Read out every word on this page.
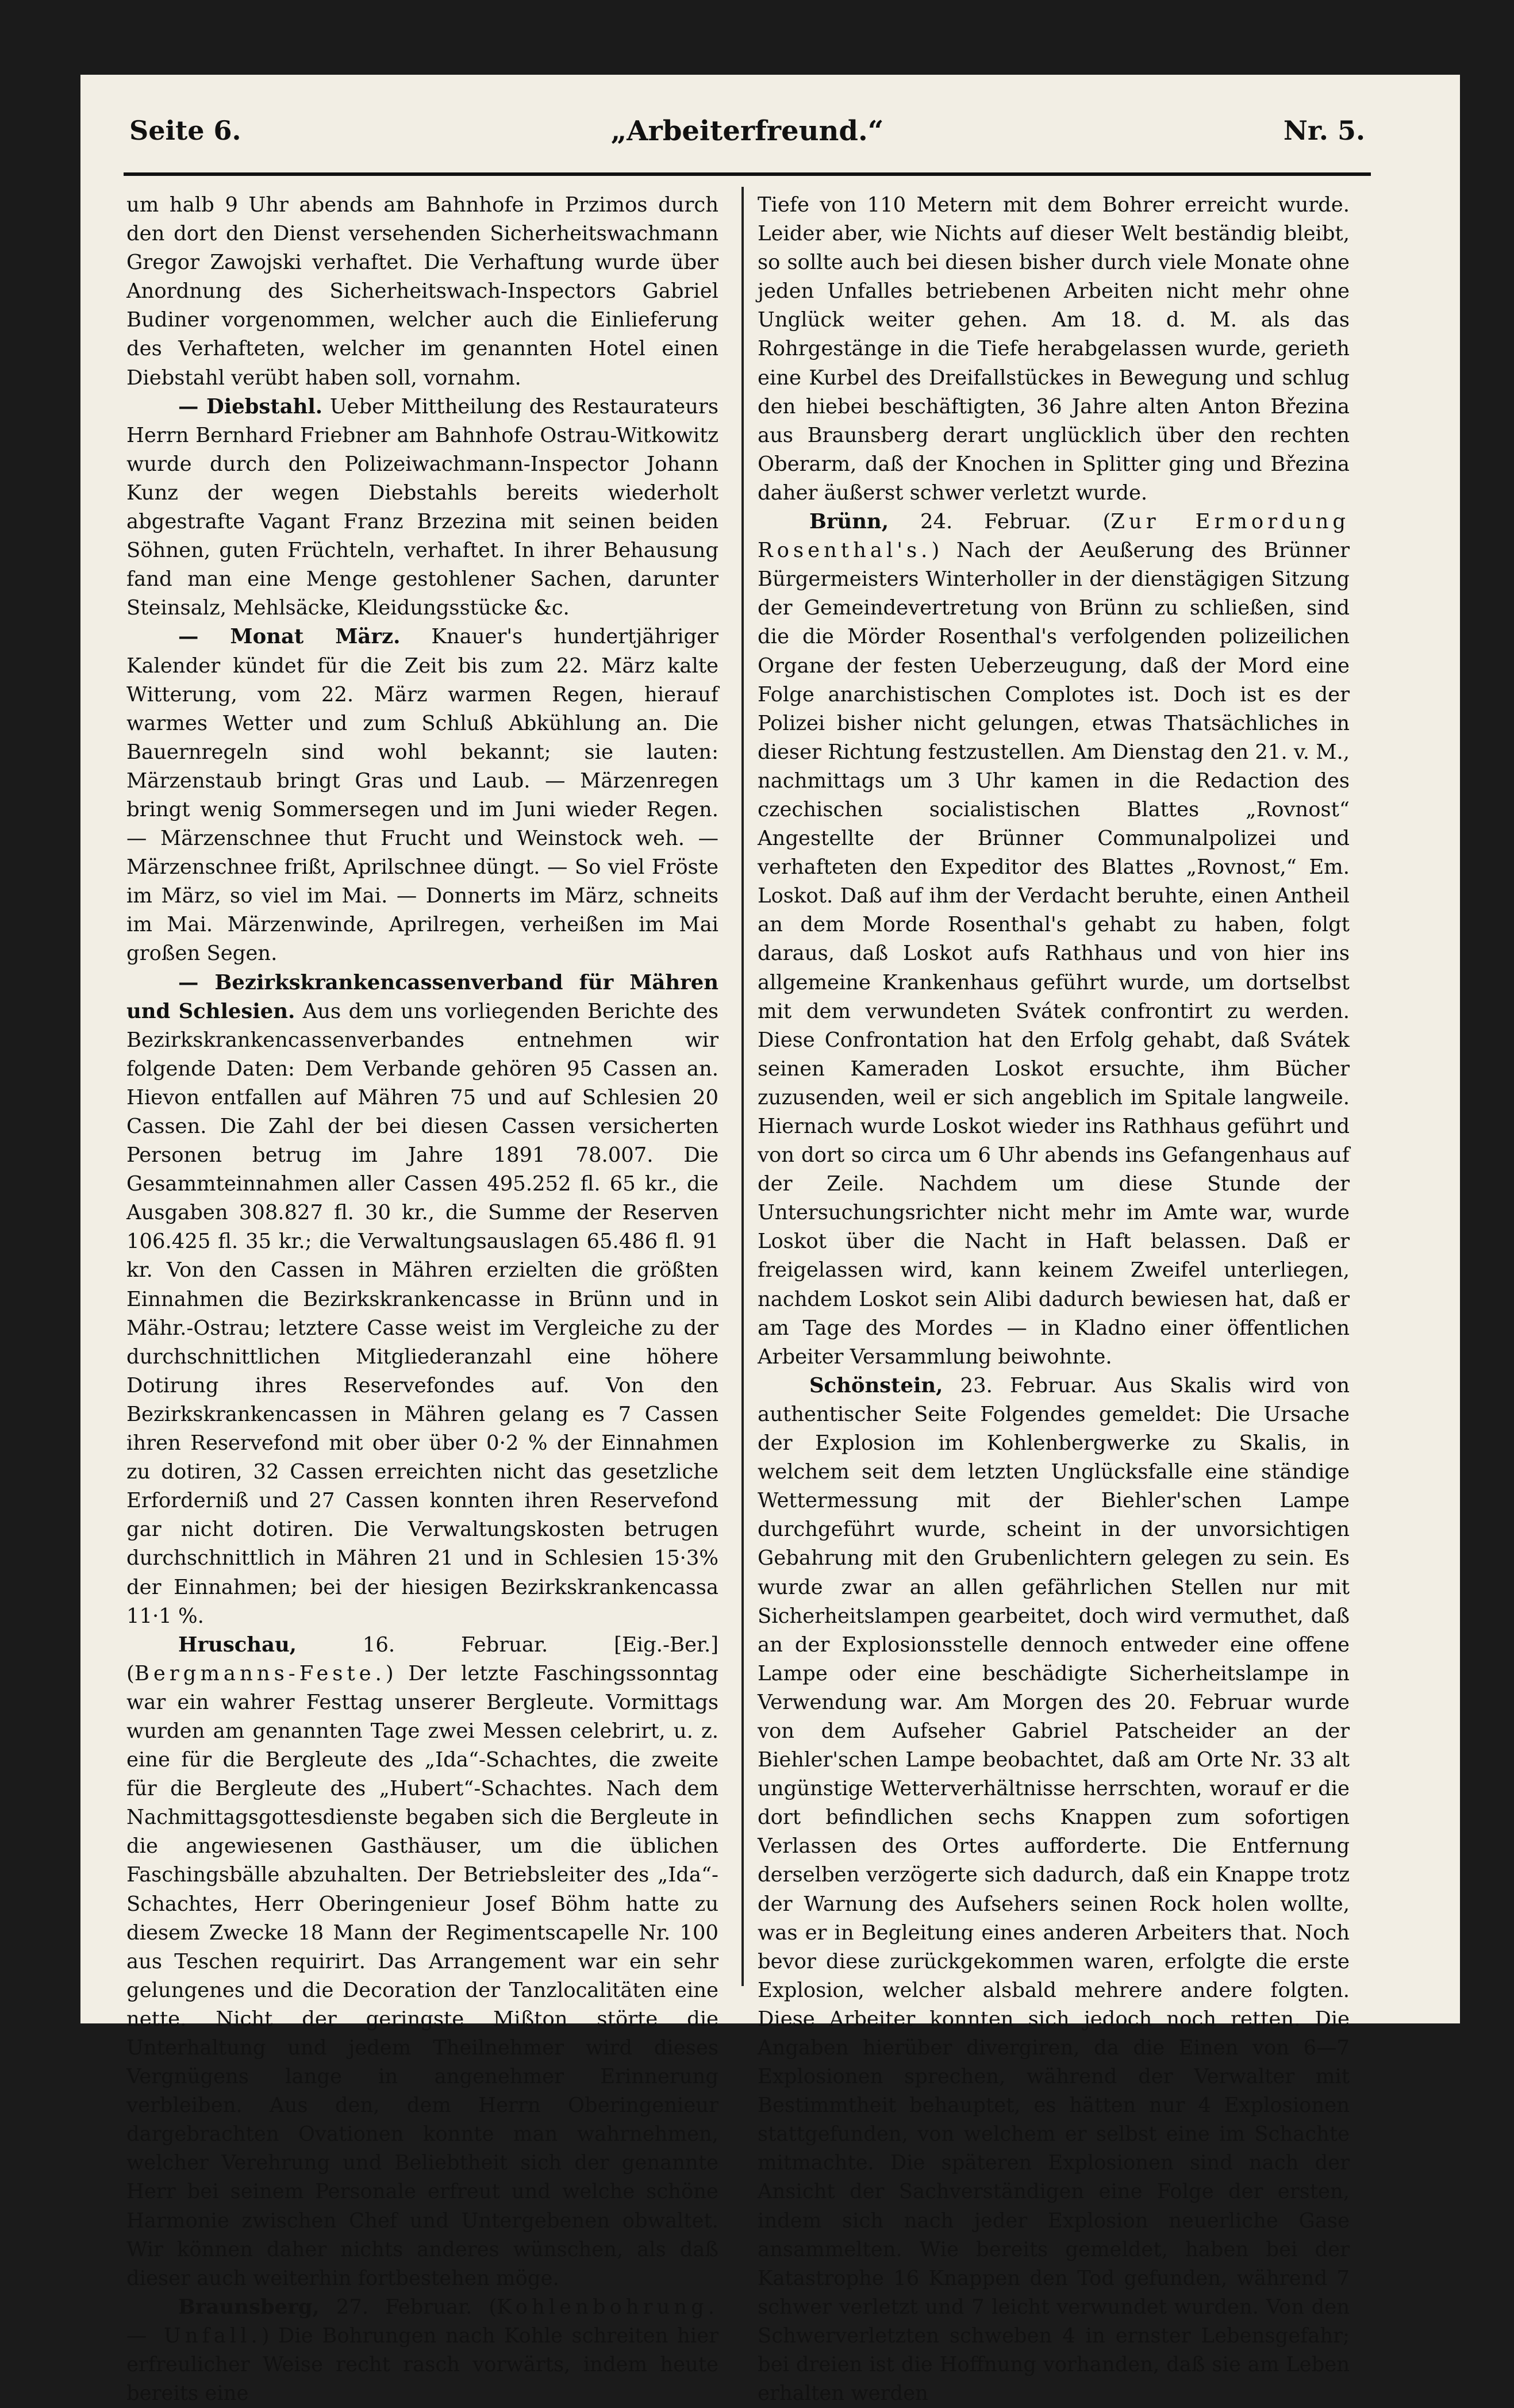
Seite 6.	„Arbeiterfreund.“	Nr. 5.

um halb 9 Uhr abends am Bahnhofe in Przimos durch den dort den Dienst versehenden Sicherheitswachmann Gregor Zawojski verhaftet. Die Verhaftung wurde über Anordnung des Sicherheitswach-Inspectors Gabriel Budiner vorgenommen, welcher auch die Einlieferung des Verhafteten, welcher im genannten Hotel einen Diebstahl verübt haben soll, vornahm.

— Diebstahl. Ueber Mittheilung des Restaurateurs Herrn Bernhard Friebner am Bahnhofe Ostrau-Witkowitz wurde durch den Polizeiwachmann-Inspector Johann Kunz der wegen Diebstahls bereits wiederholt abgestrafte Vagant Franz Brzezina mit seinen beiden Söhnen, guten Früchteln, verhaftet. In ihrer Behausung fand man eine Menge gestohlener Sachen, darunter Steinsalz, Mehlsäcke, Kleidungsstücke &c.

— Monat März. Knauer's hundertjähriger Kalender kündet für die Zeit bis zum 22. März kalte Witterung, vom 22. März warmen Regen, hierauf warmes Wetter und zum Schluß Abkühlung an. Die Bauernregeln sind wohl bekannt; sie lauten: Märzenstaub bringt Gras und Laub. — Märzenregen bringt wenig Sommersegen und im Juni wieder Regen. — Märzenschnee thut Frucht und Weinstock weh. — Märzenschnee frißt, Aprilschnee düngt. — So viel Fröste im März, so viel im Mai. — Donnerts im März, schneits im Mai. Märzenwinde, Aprilregen, verheißen im Mai großen Segen.

— Bezirkskrankencassenverband für Mähren und Schlesien. Aus dem uns vorliegenden Berichte des Bezirkskrankencassenverbandes entnehmen wir folgende Daten: Dem Verbande gehören 95 Cassen an. Hievon entfallen auf Mähren 75 und auf Schlesien 20 Cassen. Die Zahl der bei diesen Cassen versicherten Personen betrug im Jahre 1891 78.007. Die Gesammteinnahmen aller Cassen 495.252 fl. 65 kr., die Ausgaben 308.827 fl. 30 kr., die Summe der Reserven 106.425 fl. 35 kr.; die Verwaltungsauslagen 65.486 fl. 91 kr. Von den Cassen in Mähren erzielten die größten Einnahmen die Bezirkskrankencasse in Brünn und in Mähr.-Ostrau; letztere Casse weist im Vergleiche zu der durchschnittlichen Mitgliederanzahl eine höhere Dotirung ihres Reservefondes auf. Von den Bezirkskrankencassen in Mähren gelang es 7 Cassen ihren Reservefond mit ober über 0·2 % der Einnahmen zu dotiren, 32 Cassen erreichten nicht das gesetzliche Erforderniß und 27 Cassen konnten ihren Reservefond gar nicht dotiren. Die Verwaltungskosten betrugen durchschnittlich in Mähren 21 und in Schlesien 15·3% der Einnahmen; bei der hiesigen Bezirkskrankencassa 11·1 %.

Hruschau, 16. Februar. [Eig.-Ber.] (Bergmanns-Feste.) Der letzte Faschingssonntag war ein wahrer Festtag unserer Bergleute. Vormittags wurden am genannten Tage zwei Messen celebrirt, u. z. eine für die Bergleute des „Ida“-Schachtes, die zweite für die Bergleute des „Hubert“-Schachtes. Nach dem Nachmittagsgottesdienste begaben sich die Bergleute in die angewiesenen Gasthäuser, um die üblichen Faschingsbälle abzuhalten. Der Betriebsleiter des „Ida“-Schachtes, Herr Oberingenieur Josef Böhm hatte zu diesem Zwecke 18 Mann der Regimentscapelle Nr. 100 aus Teschen requirirt. Das Arrangement war ein sehr gelungenes und die Decoration der Tanzlocalitäten eine nette. Nicht der geringste Mißton störte die Unterhaltung und jedem Theilnehmer wird dieses Vergnügens lange in angenehmer Erinnerung verbleiben. Aus den, dem Herrn Oberingenieur dargebrachten Ovationen konnte man wahrnehmen, welcher Verehrung und Beliebtheit sich der genannte Herr bei seinem Personale erfreut und welche schöne Harmonie zwischen Chef und Untergebenen obwaltet. Wir können daher nichts anderes wünschen, als daß dieser auch weiterhin fortbestehen möge.

Braunsberg, 27. Februar. (Kohlenbohrung. — Unfall.) Die Bohrungen nach Kohle schreiten hier erfreulicher Weise recht rasch vorwärts, indem heute bereits eine

Tiefe von 110 Metern mit dem Bohrer erreicht wurde. Leider aber, wie Nichts auf dieser Welt beständig bleibt, so sollte auch bei diesen bisher durch viele Monate ohne jeden Unfalles betriebenen Arbeiten nicht mehr ohne Unglück weiter gehen. Am 18. d. M. als das Rohrgestänge in die Tiefe herabgelassen wurde, gerieth eine Kurbel des Dreifallstückes in Bewegung und schlug den hiebei beschäftigten, 36 Jahre alten Anton Březina aus Braunsberg derart unglücklich über den rechten Oberarm, daß der Knochen in Splitter ging und Březina daher äußerst schwer verletzt wurde.

Brünn, 24. Februar. (Zur Ermordung Rosenthal's.) Nach der Aeußerung des Brünner Bürgermeisters Winterholler in der dienstägigen Sitzung der Gemeindevertretung von Brünn zu schließen, sind die die Mörder Rosenthal's verfolgenden polizeilichen Organe der festen Ueberzeugung, daß der Mord eine Folge anarchistischen Complotes ist. Doch ist es der Polizei bisher nicht gelungen, etwas Thatsächliches in dieser Richtung festzustellen. Am Dienstag den 21. v. M., nachmittags um 3 Uhr kamen in die Redaction des czechischen socialistischen Blattes „Rovnost“ Angestellte der Brünner Communalpolizei und verhafteten den Expeditor des Blattes „Rovnost,“ Em. Loskot. Daß auf ihm der Verdacht beruhte, einen Antheil an dem Morde Rosenthal's gehabt zu haben, folgt daraus, daß Loskot aufs Rathhaus und von hier ins allgemeine Krankenhaus geführt wurde, um dortselbst mit dem verwundeten Svátek confrontirt zu werden. Diese Confrontation hat den Erfolg gehabt, daß Svátek seinen Kameraden Loskot ersuchte, ihm Bücher zuzusenden, weil er sich angeblich im Spitale langweile. Hiernach wurde Loskot wieder ins Rathhaus geführt und von dort so circa um 6 Uhr abends ins Gefangenhaus auf der Zeile. Nachdem um diese Stunde der Untersuchungsrichter nicht mehr im Amte war, wurde Loskot über die Nacht in Haft belassen. Daß er freigelassen wird, kann keinem Zweifel unterliegen, nachdem Loskot sein Alibi dadurch bewiesen hat, daß er am Tage des Mordes — in Kladno einer öffentlichen Arbeiter Versammlung beiwohnte.

Schönstein, 23. Februar. Aus Skalis wird von authentischer Seite Folgendes gemeldet: Die Ursache der Explosion im Kohlenbergwerke zu Skalis, in welchem seit dem letzten Unglücksfalle eine ständige Wettermessung mit der Biehler'schen Lampe durchgeführt wurde, scheint in der unvorsichtigen Gebahrung mit den Grubenlichtern gelegen zu sein. Es wurde zwar an allen gefährlichen Stellen nur mit Sicherheitslampen gearbeitet, doch wird vermuthet, daß an der Explosionsstelle dennoch entweder eine offene Lampe oder eine beschädigte Sicherheitslampe in Verwendung war. Am Morgen des 20. Februar wurde von dem Aufseher Gabriel Patscheider an der Biehler'schen Lampe beobachtet, daß am Orte Nr. 33 alt ungünstige Wetterverhältnisse herrschten, worauf er die dort befindlichen sechs Knappen zum sofortigen Verlassen des Ortes aufforderte. Die Entfernung derselben verzögerte sich dadurch, daß ein Knappe trotz der Warnung des Aufsehers seinen Rock holen wollte, was er in Begleitung eines anderen Arbeiters that. Noch bevor diese zurückgekommen waren, erfolgte die erste Explosion, welcher alsbald mehrere andere folgten. Diese Arbeiter konnten sich jedoch noch retten. Die Angaben hierüber divergiren, da die Einen von 6—7 Explosionen sprechen, während der Verwalter mit Bestimmtheit behauptet, es hätten nur 4 Explosionen stattgefunden, von welchem er selbst eine im Schachte mitmachte. Die späteren Explosionen sind nach der Ansicht der Sachverständigen eine Folge der ersten, indem sich nach jeder Explosion neuerliche Gase ansammelten. Wie bereits gemeldet, haben bei der Katastrophe 16 Knappen den Tod gefunden, während 7 schwer verletzt und 7 leicht verwundet wurden. Von den Schwerverletzten schweben 4 in ernster Lebensgefahr; bei dreien ist die Hoffnung vorhanden, daß sie am Leben erhalten werden
